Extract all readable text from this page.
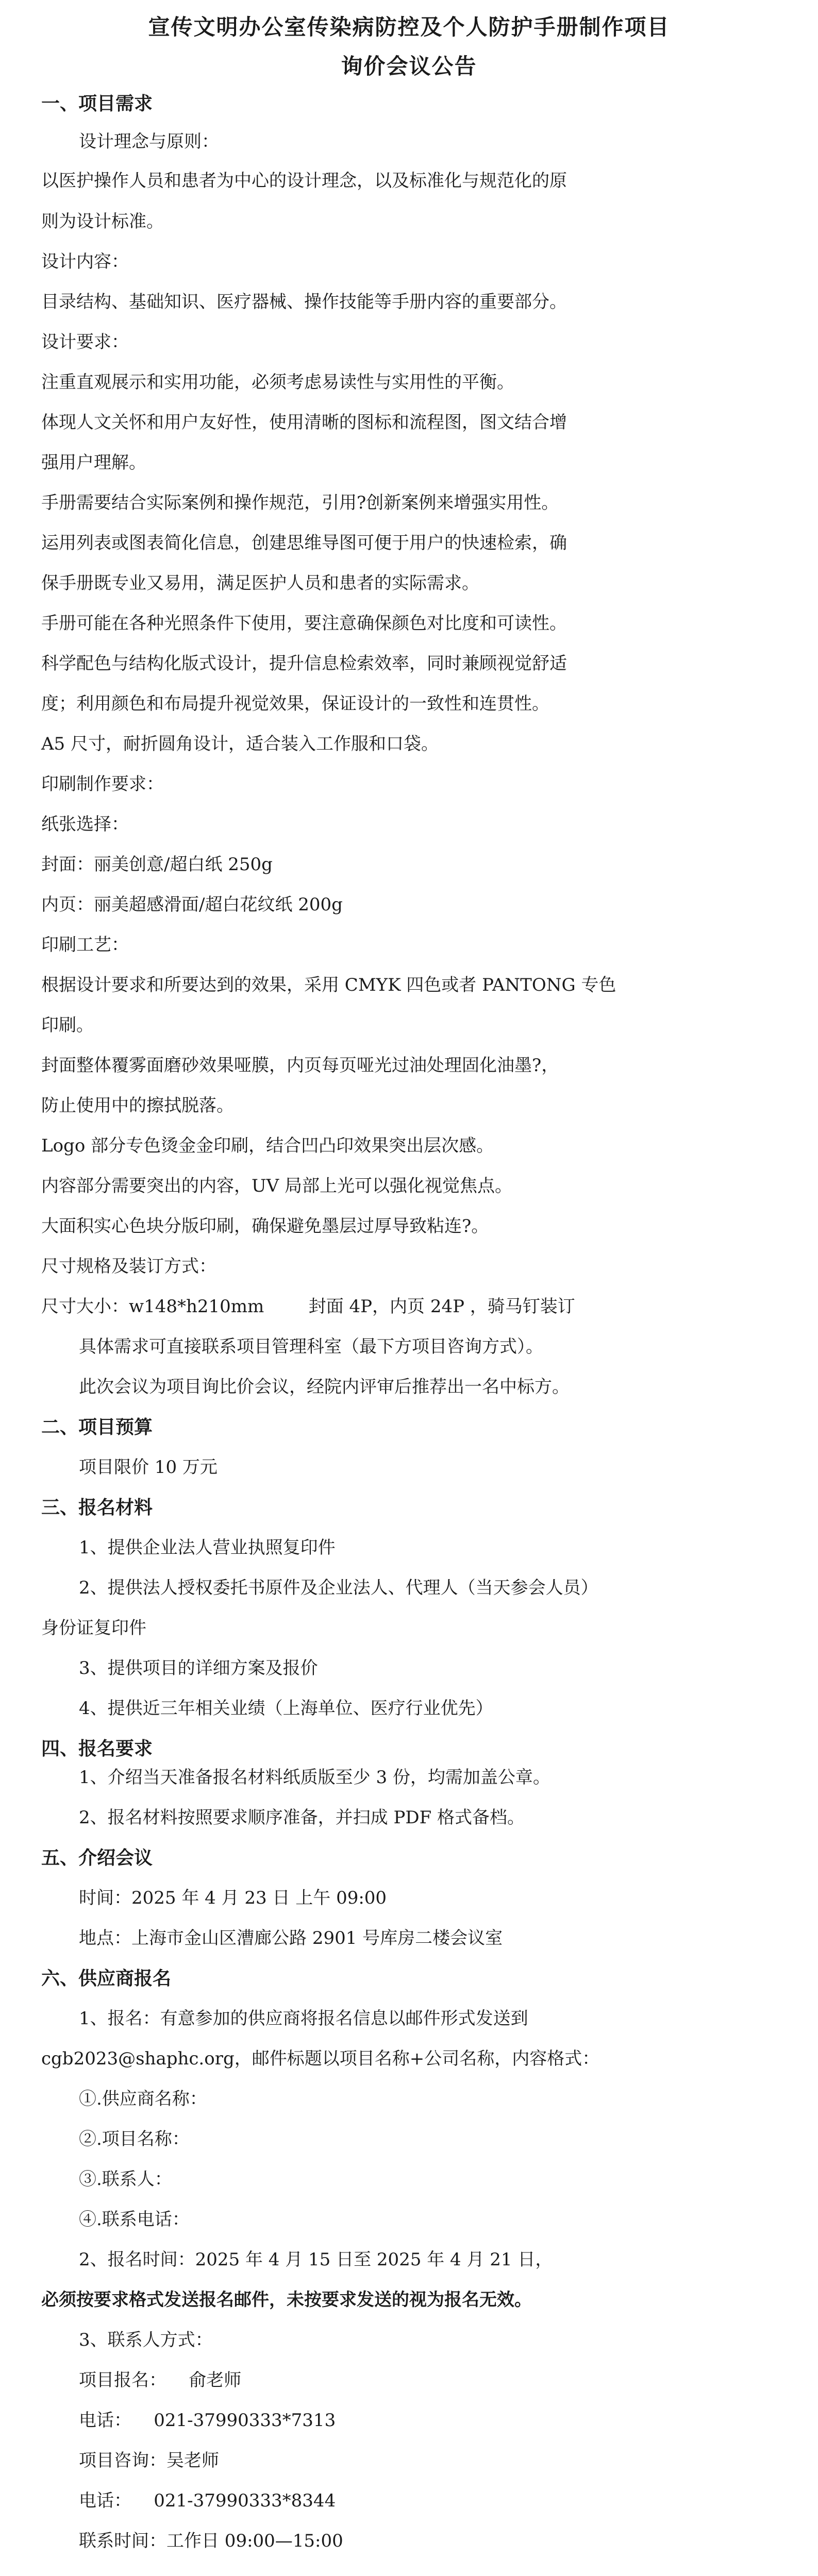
宣传文明办公室传染病防控及个人防护手册制作项目
询价会议公告
一、项目需求
设计理念与原则：
以医护操作人员和患者为中心的设计理念，以及标准化与规范化的原
则为设计标准。
设计内容：
目录结构、基础知识、医疗器械、操作技能等手册内容的重要部分。
设计要求：
注重直观展示和实用功能，必须考虑易读性与实用性的平衡。
体现人文关怀和用户友好性，使用清晰的图标和流程图，图文结合增
强用户理解。
手册需要结合实际案例和操作规范，引用?创新案例来增强实用性。
运用列表或图表简化信息，创建思维导图可便于用户的快速检索，确
保手册既专业又易用，满足医护人员和患者的实际需求。
手册可能在各种光照条件下使用，要注意确保颜色对比度和可读性。
科学配色与结构化版式设计，提升信息检索效率，同时兼顾视觉舒适
度；利用颜色和布局提升视觉效果，保证设计的一致性和连贯性。
A5 尺寸，耐折圆角设计，适合装入工作服和口袋。
印刷制作要求：
纸张选择：
封面：丽美创意/超白纸 250g
内页：丽美超感滑面/超白花纹纸 200g
印刷工艺：
根据设计要求和所要达到的效果，采用 CMYK 四色或者 PANTONG 专色
印刷。
封面整体覆雾面磨砂效果哑膜，内页每页哑光过油处理固化油墨?，
防止使用中的擦拭脱落。
Logo 部分专色烫金金印刷，结合凹凸印效果突出层次感。
内容部分需要突出的内容，UV 局部上光可以强化视觉焦点。
大面积实心色块分版印刷，确保避免墨层过厚导致粘连?。
尺寸规格及装订方式：
尺寸大小：w148*h210mm        封面 4P，内页 24P ，骑马钉装订
具体需求可直接联系项目管理科室（最下方项目咨询方式）。
此次会议为项目询比价会议，经院内评审后推荐出一名中标方。
二、项目预算
项目限价 10 万元
三、报名材料
1、提供企业法人营业执照复印件
2、提供法人授权委托书原件及企业法人、代理人（当天参会人员）
身份证复印件
3、提供项目的详细方案及报价
4、提供近三年相关业绩（上海单位、医疗行业优先）
四、报名要求
1、介绍当天准备报名材料纸质版至少 3 份，均需加盖公章。
2、报名材料按照要求顺序准备，并扫成 PDF 格式备档。
五、介绍会议
时间：2025 年 4 月 23 日 上午 09:00
地点：上海市金山区漕廊公路 2901 号库房二楼会议室
六、供应商报名
1、报名：有意参加的供应商将报名信息以邮件形式发送到
cgb2023@shaphc.org，邮件标题以项目名称+公司名称，内容格式：
①.供应商名称：
②.项目名称：
③.联系人：
④.联系电话：
2、报名时间：2025 年 4 月 15 日至 2025 年 4 月 21 日，
必须按要求格式发送报名邮件，未按要求发送的视为报名无效。
3、联系人方式：
项目报名：    俞老师
电话：    021-37990333*7313
项目咨询：吴老师
电话：    021-37990333*8344
联系时间：工作日 09:00—15:00
